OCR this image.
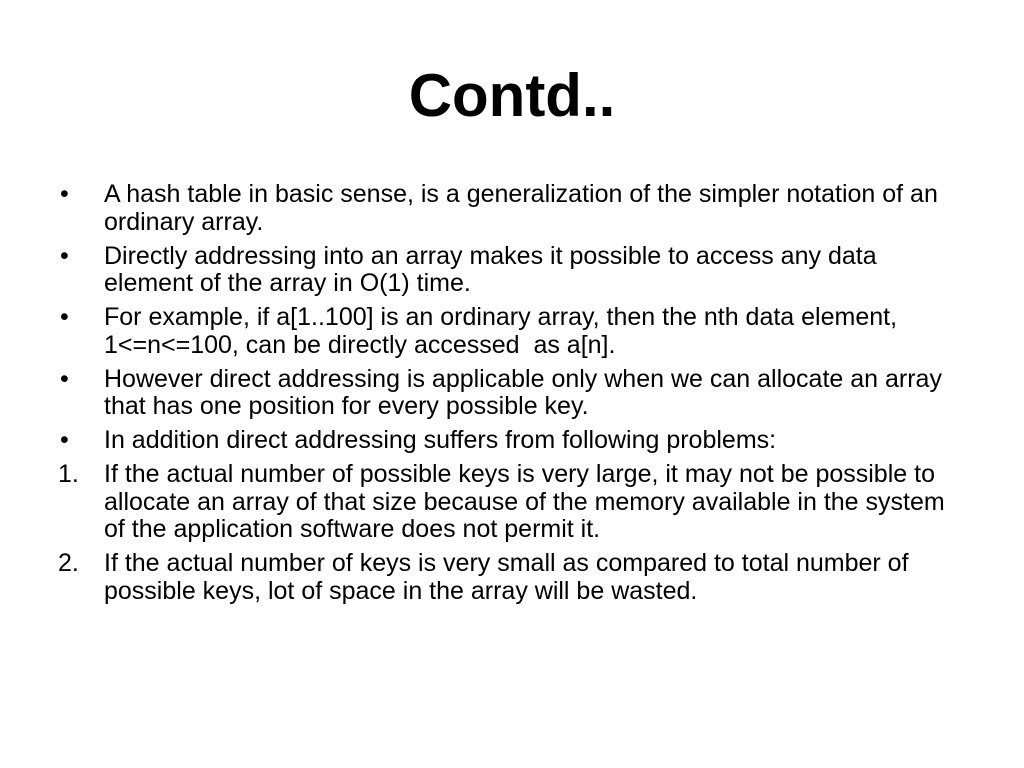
Contd..
•	A hash table in basic sense, is a generalization of the simpler notation of an ordinary array.
•	Directly addressing into an array makes it possible to access any data element of the array in O(1) time.
•	For example, if a[1..100] is an ordinary array, then the nth data element, 1<=n<=100, can be directly accessed  as a[n].
•	However direct addressing is applicable only when we can allocate an array that has one position for every possible key.
•	In addition direct addressing suffers from following problems:
1.	If the actual number of possible keys is very large, it may not be possible to allocate an array of that size because of the memory available in the system of the application software does not permit it.
2.	If the actual number of keys is very small as compared to total number of possible keys, lot of space in the array will be wasted.
